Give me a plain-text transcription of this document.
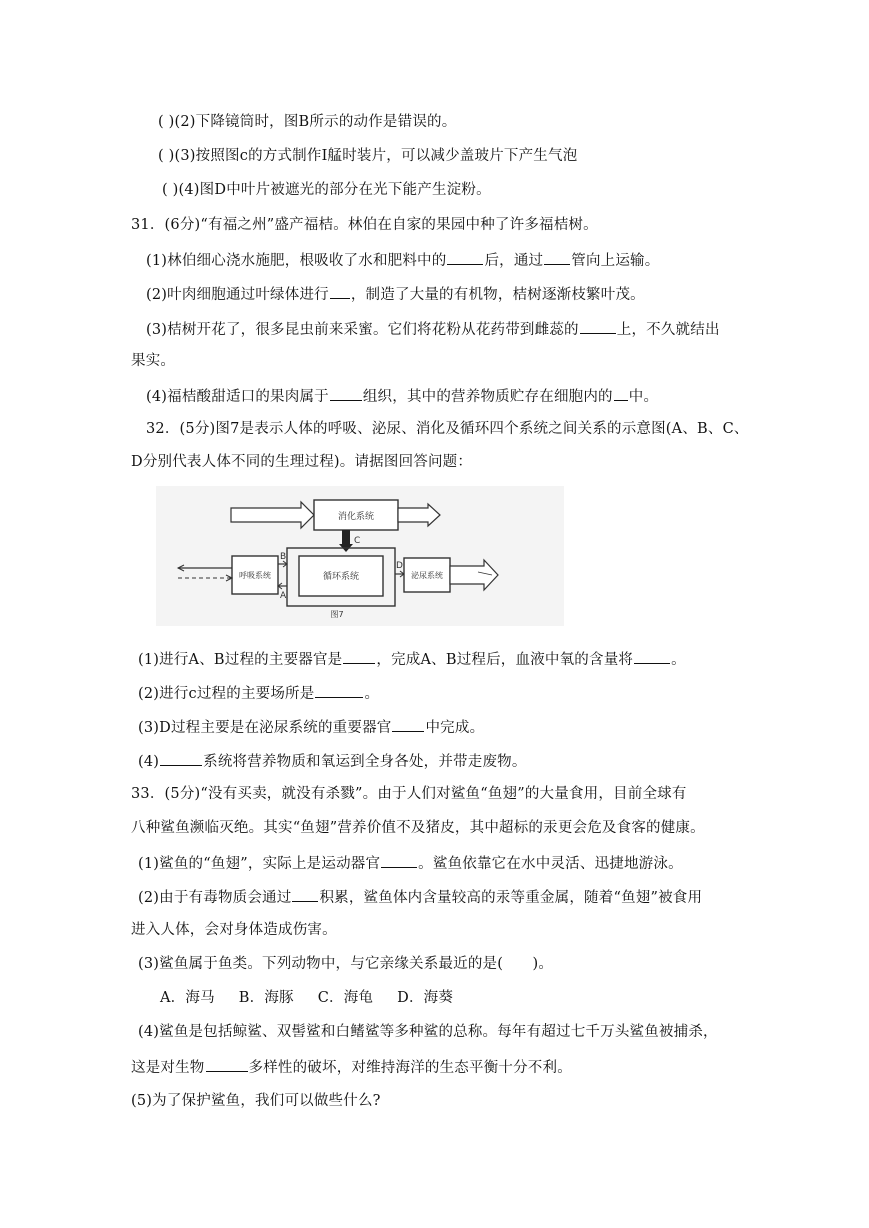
( )(2)下降镜筒时，图B所示的动作是错误的。
( )(3)按照图c的方式制作I艋时装片，可以减少盖玻片下产生气泡
( )(4)图D中叶片被遮光的部分在光下能产生淀粉。
31．(6分)“有福之州”盛产福桔。林伯在自家的果园中种了许多福桔树。
(1)林伯细心浇水施肥，根吸收了水和肥料中的	后，通过 管向上运输。
(2)叶肉细胞通过叶绿体进行 ，制造了大量的有机物，桔树逐渐枝繁叶茂。
(3)桔树开花了，很多昆虫前来采蜜。它们将花粉从花药带到雌蕊的	上，不久就结出
果实。
(4)福桔酸甜适口的果肉属于 组织，其中的营养物质贮存在细胞内的 中。
32．(5分)图7是表示人体的呼吸、泌尿、消化及循环四个系统之间关系的示意图(A、B、C、
D分别代表人体不同的生理过程)。请据图回答问题：
消化系统
C
循环系统
呼吸系统
B
A
D
泌尿系统
图7
(1)进行A、B过程的主要器官是 ，完成A、B过程后，血液中氧的含量将	。
(2)进行c过程的主要场所是	。
(3)D过程主要是在泌尿系统的重要器官 中完成。
(4)	系统将营养物质和氧运到全身各处，并带走废物。
33．(5分)“没有买卖，就没有杀戮”。由于人们对鲨鱼“鱼翅”的大量食用，目前全球有
八种鲨鱼濒临灭绝。其实“鱼翅”营养价值不及猪皮，其中超标的汞更会危及食客的健康。
(1)鲨鱼的“鱼翅”，实际上是运动器官	。鲨鱼依靠它在水中灵活、迅捷地游泳。
(2)由于有毒物质会通过 积累，鲨鱼体内含量较高的汞等重金属，随着“鱼翅”被食用
进入人体，会对身体造成伤害。
(3)鲨鱼属于鱼类。下列动物中，与它亲缘关系最近的是(　　)。
A．海马 B．海豚 C．海龟 D．海葵
(4)鲨鱼是包括鲸鲨、双髻鲨和白鳍鲨等多种鲨的总称。每年有超过七千万头鲨鱼被捕杀，
这是对生物	多样性的破坏，对维持海洋的生态平衡十分不利。
(5)为了保护鲨鱼，我们可以做些什么?
